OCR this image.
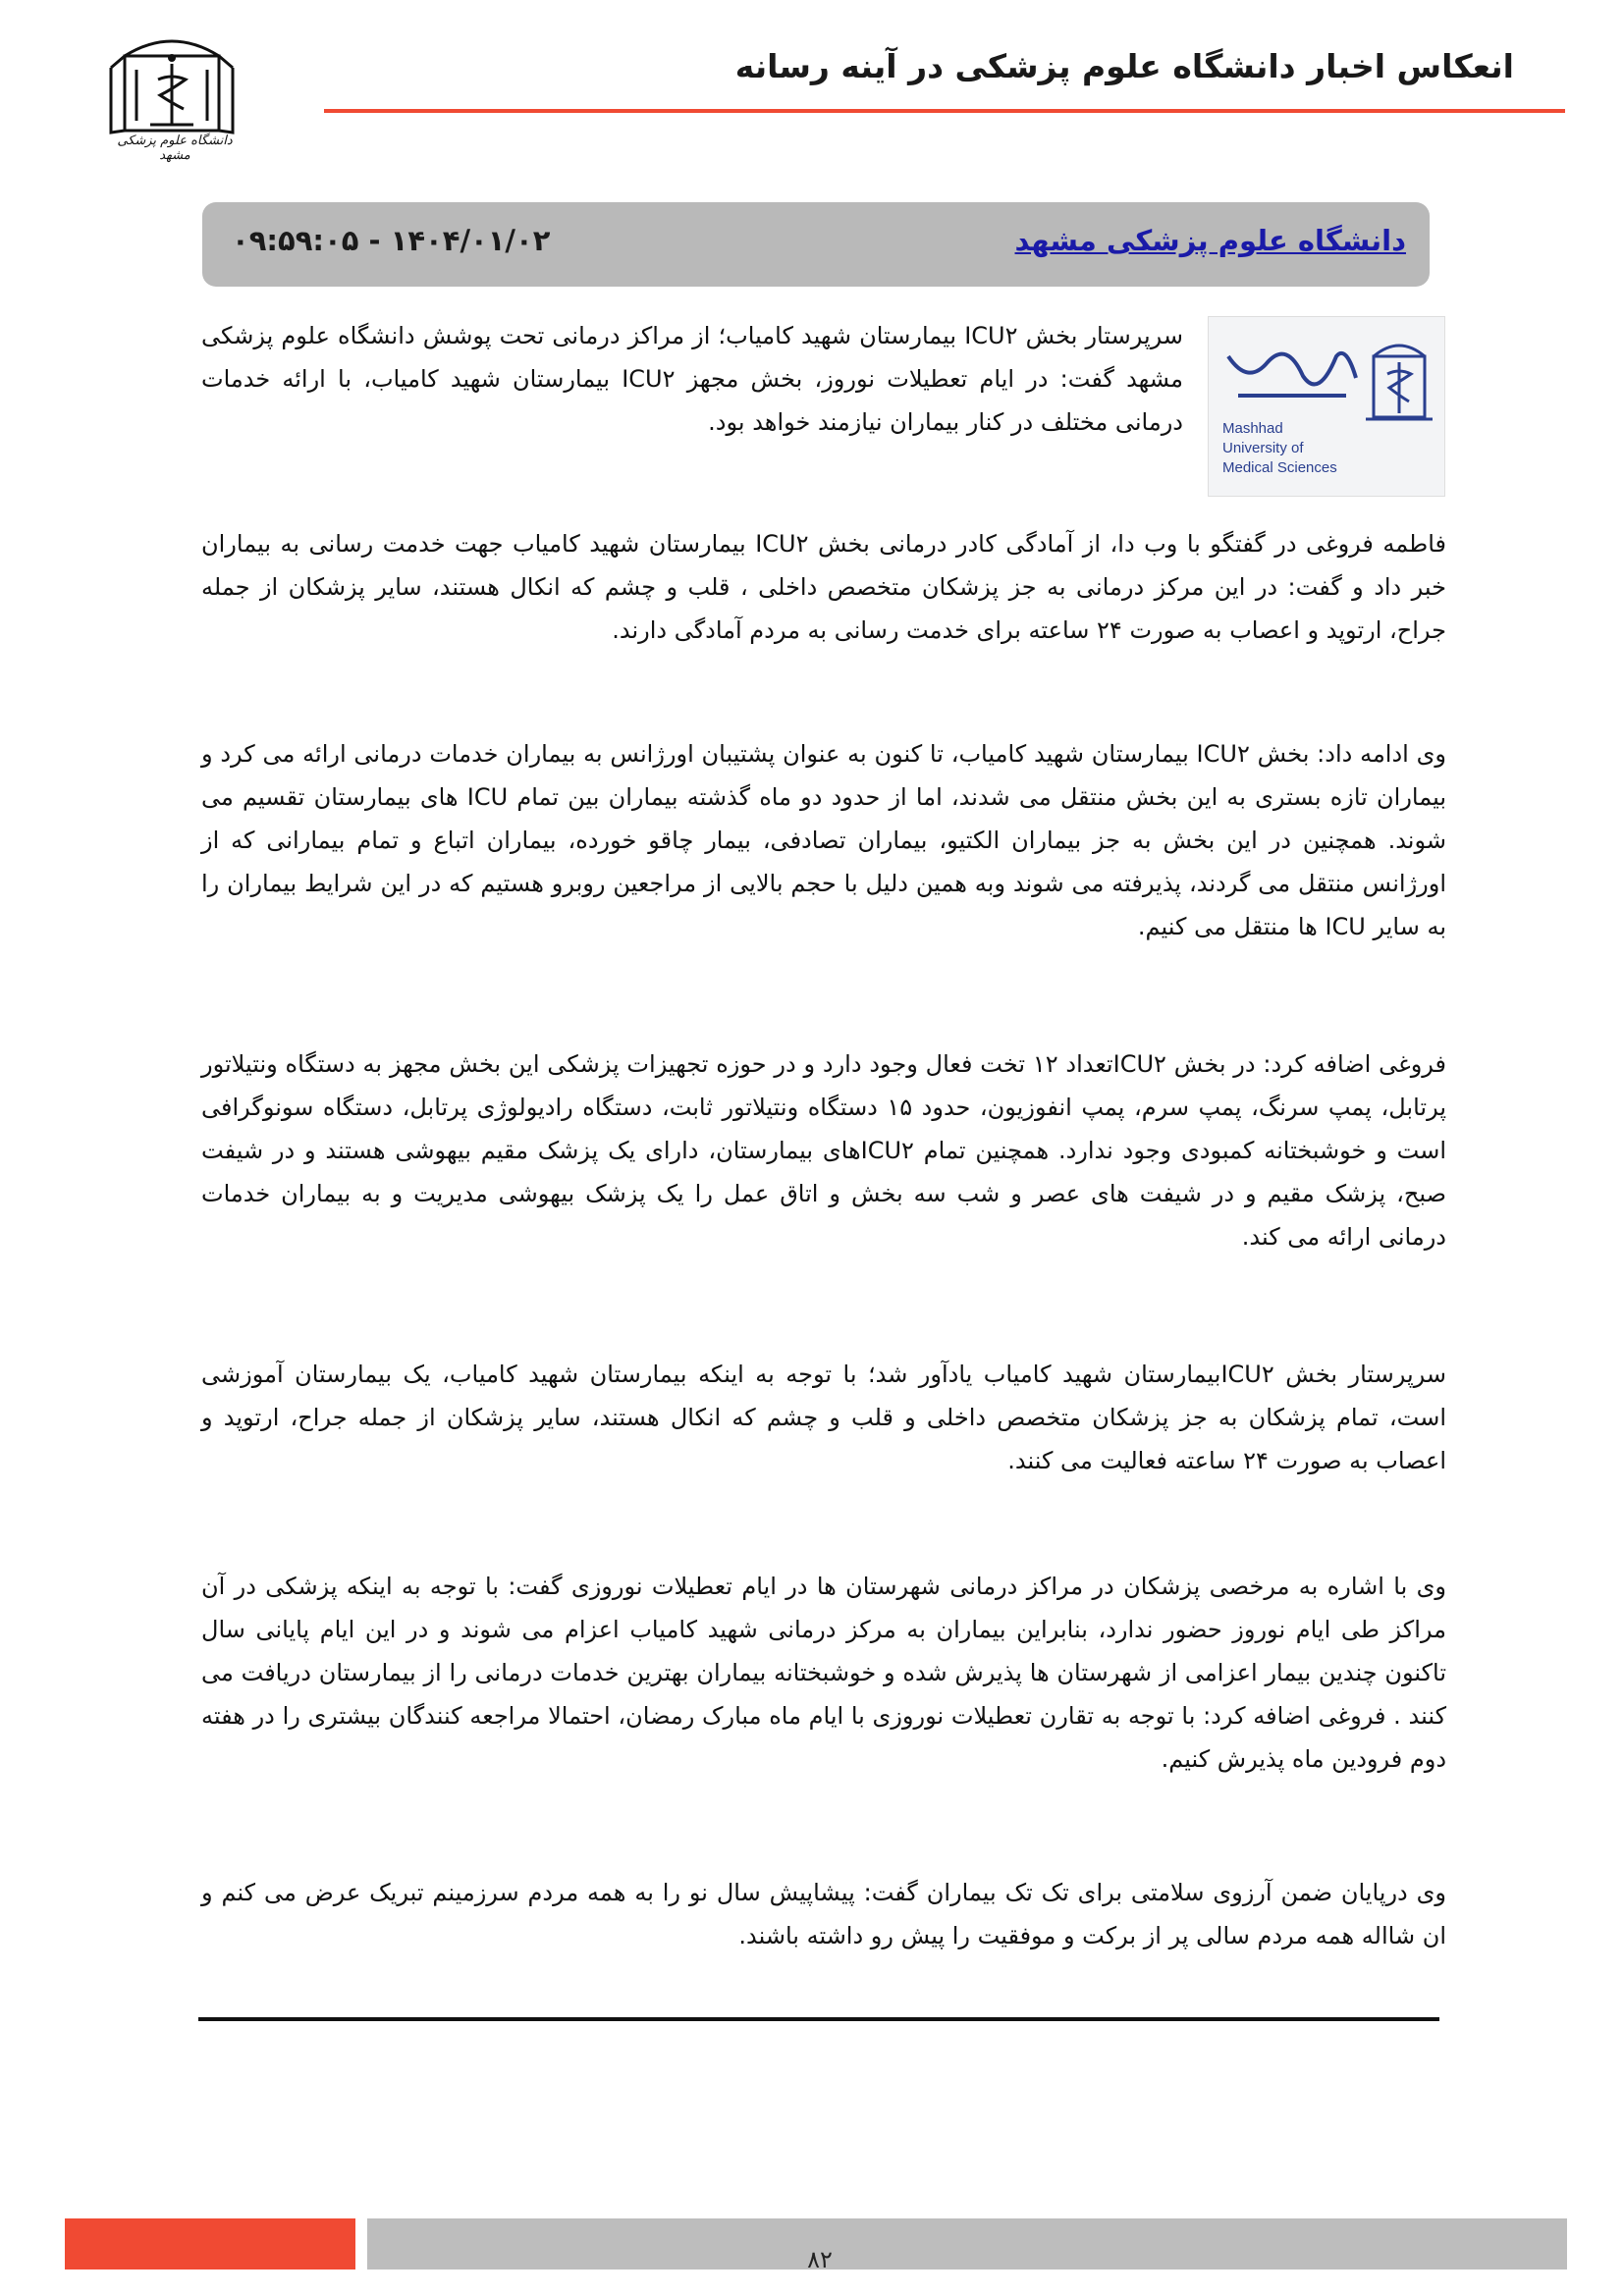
انعکاس اخبار دانشگاه علوم پزشکی در آینه رسانه
دانشگاه علوم پزشکی مشهد
دانشگاه علوم پزشکی مشهد
۱۴۰۴/۰۱/۰۲ - ۰۹:۵۹:۰۵
Mashhad University of Medical Sciences

سرپرستار بخش ICU۲ بیمارستان شهید کامیاب؛ از مراکز درمانی تحت پوشش دانشگاه علوم پزشکی مشهد گفت: در ایام تعطیلات نوروز، بخش مجهز ICU۲ بیمارستان شهید کامیاب، با ارائه خدمات درمانی مختلف در کنار بیماران نیازمند خواهد بود.

فاطمه فروغی در گفتگو با وب دا، از آمادگی کادر درمانی بخش ICU۲ بیمارستان شهید کامیاب جهت خدمت رسانی به بیماران خبر داد و گفت: در این مرکز درمانی به جز پزشکان متخصص داخلی ، قلب و چشم که انکال هستند، سایر پزشکان از جمله جراح، ارتوپد و اعصاب به صورت ۲۴ ساعته برای خدمت رسانی به مردم آمادگی دارند.

وی ادامه داد: بخش ICU۲ بیمارستان شهید کامیاب، تا کنون به عنوان پشتیبان اورژانس به بیماران خدمات درمانی ارائه می کرد و بیماران تازه بستری به این بخش منتقل می شدند، اما از حدود دو ماه گذشته بیماران بین تمام ICU های بیمارستان تقسیم می شوند. همچنین در این بخش به جز بیماران الکتیو، بیماران تصادفی، بیمار چاقو خورده، بیماران اتباع و تمام بیمارانی که از اورژانس منتقل می گردند، پذیرفته می شوند وبه همین دلیل با حجم بالایی از مراجعین روبرو هستیم که در این شرایط بیماران را به سایر ICU ها منتقل می کنیم.

فروغی اضافه کرد: در بخش ICU۲تعداد ۱۲ تخت فعال وجود دارد و در حوزه تجهیزات پزشکی این بخش مجهز به دستگاه ونتیلاتور پرتابل، پمپ سرنگ، پمپ سرم، پمپ انفوزیون، حدود ۱۵ دستگاه ونتیلاتور ثابت، دستگاه رادیولوژی پرتابل، دستگاه سونوگرافی است و خوشبختانه کمبودی وجود ندارد. همچنین تمام ICU۲های بیمارستان، دارای یک پزشک مقیم بیهوشی هستند و در شیفت صبح، پزشک مقیم و در شیفت های عصر و شب سه بخش و اتاق عمل را یک پزشک بیهوشی مدیریت و به بیماران خدمات درمانی ارائه می کند.

سرپرستار بخش ICU۲بیمارستان شهید کامیاب یادآور شد؛ با توجه به اینکه بیمارستان شهید کامیاب، یک بیمارستان آموزشی است، تمام پزشکان به جز پزشکان متخصص داخلی و قلب و چشم که انکال هستند، سایر پزشکان از جمله جراح، ارتوپد و اعصاب به صورت ۲۴ ساعته فعالیت می کنند.

وی با اشاره به مرخصی پزشکان در مراکز درمانی شهرستان ها در ایام تعطیلات نوروزی گفت: با توجه به اینکه پزشکی در آن مراکز طی ایام نوروز حضور ندارد، بنابراین بیماران به مرکز درمانی شهید کامیاب اعزام می شوند و در این ایام پایانی سال تاکنون چندین بیمار اعزامی از شهرستان ها پذیرش شده و خوشبختانه بیماران بهترین خدمات درمانی را از بیمارستان دریافت می کنند . فروغی اضافه کرد: با توجه به تقارن تعطیلات نوروزی با ایام ماه مبارک رمضان، احتمالا مراجعه کنندگان بیشتری را در هفته دوم فرودین ماه پذیرش کنیم.

وی درپایان ضمن آرزوی سلامتی برای تک تک بیماران گفت: پیشاپیش سال نو را به همه مردم سرزمینم تبریک عرض می کنم و ان شااله همه مردم سالی پر از برکت و موفقیت را پیش رو داشته باشند.

۸۲
